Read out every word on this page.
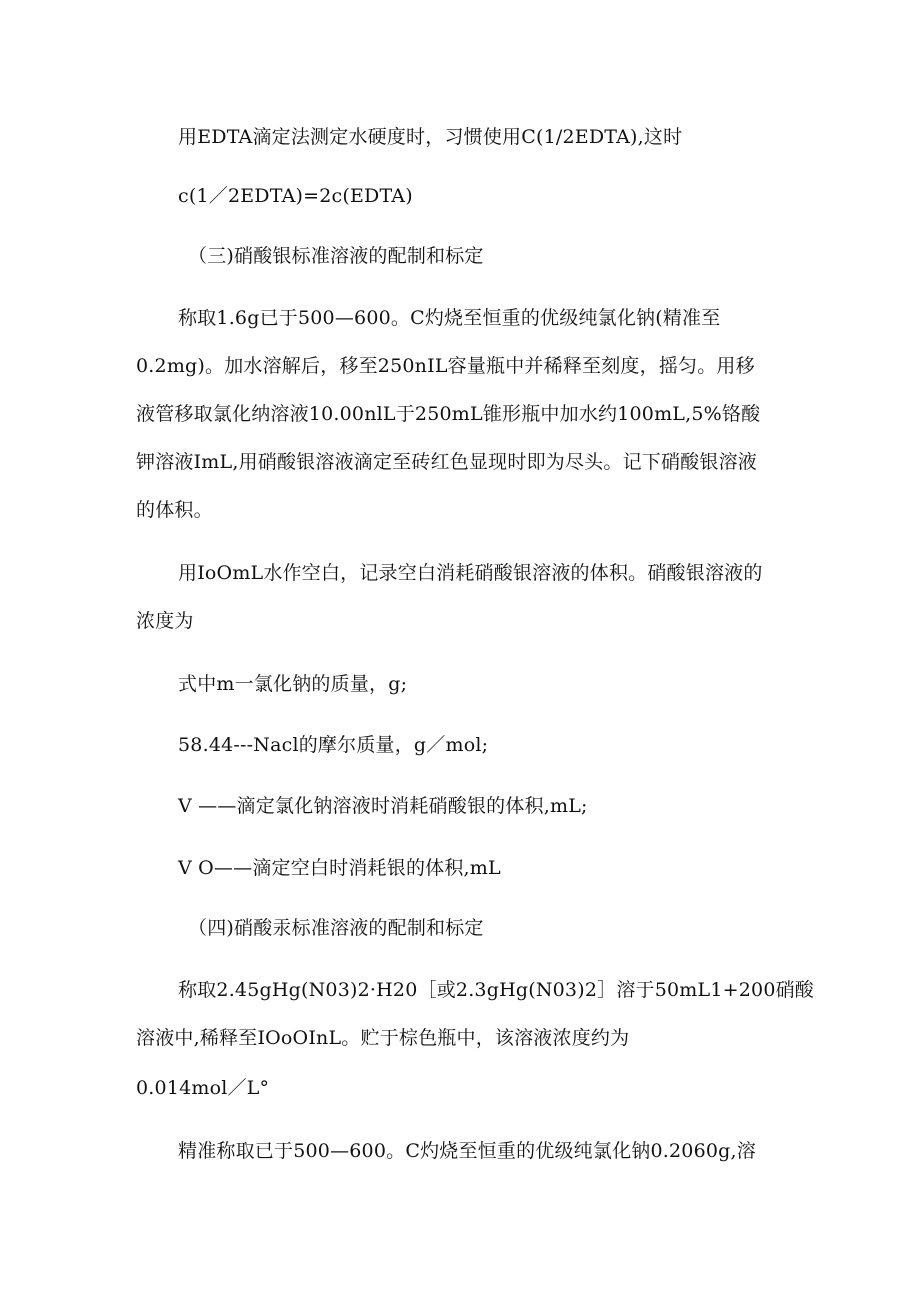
用EDTA滴定法测定水硬度时，习惯使用C(1/2EDTA),这时

c(1／2EDTA)=2c(EDTA)

（三)硝酸银标准溶液的配制和标定

称取1.6g已于500—600。C灼烧至恒重的优级纯氯化钠(精准至

0.2mg)。加水溶解后，移至250nIL容量瓶中并稀释至刻度，摇匀。用移

液管移取氯化纳溶液10.00nlL于250mL锥形瓶中加水约100mL,5%铬酸

钾溶液ImL,用硝酸银溶液滴定至砖红色显现时即为尽头。记下硝酸银溶液

的体积。

用IoOmL水作空白，记录空白消耗硝酸银溶液的体积。硝酸银溶液的

浓度为

式中m一氯化钠的质量，g;

58.44---Nacl的摩尔质量，g／mol;

V ——滴定氯化钠溶液时消耗硝酸银的体积,mL;

V O——滴定空白时消耗银的体积,mL

（四)硝酸汞标准溶液的配制和标定

称取2.45gHg(N03)2·H20［或2.3gHg(N03)2］溶于50mL1+200硝酸

溶液中,稀释至IOoOInL。贮于棕色瓶中，该溶液浓度约为

0.014mol／L°

精准称取已于500—600。C灼烧至恒重的优级纯氯化钠0.2060g,溶
